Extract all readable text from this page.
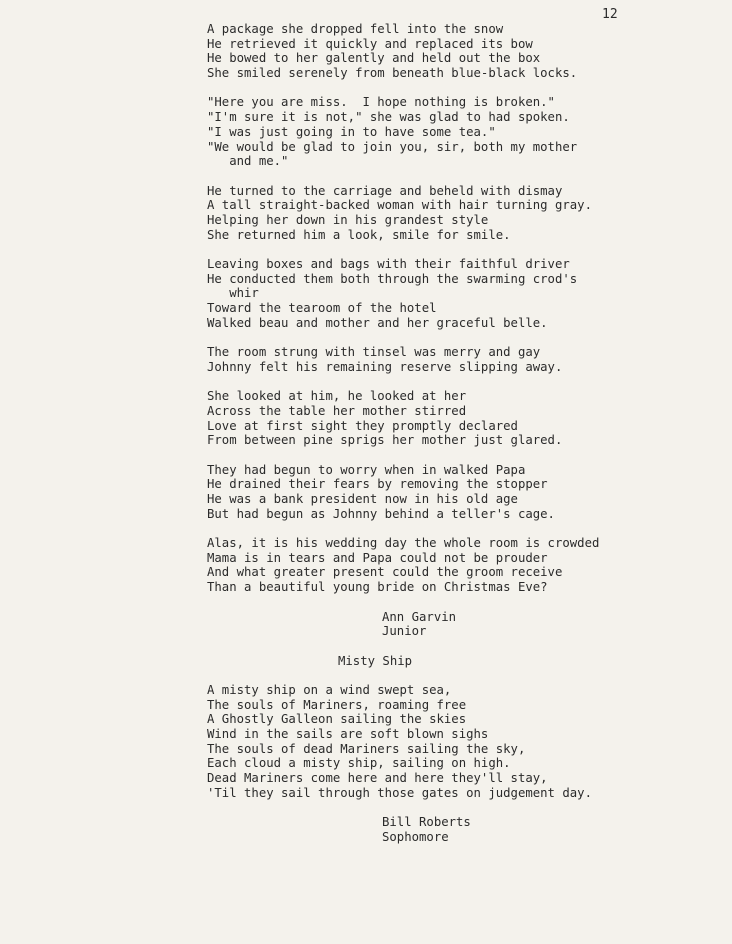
12
A package she dropped fell into the snow
He retrieved it quickly and replaced its bow
He bowed to her galently and held out the box
She smiled serenely from beneath blue-black locks.
"Here you are miss.  I hope nothing is broken."
"I'm sure it is not," she was glad to had spoken.
"I was just going in to have some tea."
"We would be glad to join you, sir, both my mother
and me."
He turned to the carriage and beheld with dismay
A tall straight-backed woman with hair turning gray.
Helping her down in his grandest style
She returned him a look, smile for smile.
Leaving boxes and bags with their faithful driver
He conducted them both through the swarming crod's
whir
Toward the tearoom of the hotel
Walked beau and mother and her graceful belle.
The room strung with tinsel was merry and gay
Johnny felt his remaining reserve slipping away.
She looked at him, he looked at her
Across the table her mother stirred
Love at first sight they promptly declared
From between pine sprigs her mother just glared.
They had begun to worry when in walked Papa
He drained their fears by removing the stopper
He was a bank president now in his old age
But had begun as Johnny behind a teller's cage.
Alas, it is his wedding day the whole room is crowded
Mama is in tears and Papa could not be prouder
And what greater present could the groom receive
Than a beautiful young bride on Christmas Eve?
Ann Garvin
Junior
Misty Ship
A misty ship on a wind swept sea,
The souls of Mariners, roaming free
A Ghostly Galleon sailing the skies
Wind in the sails are soft blown sighs
The souls of dead Mariners sailing the sky,
Each cloud a misty ship, sailing on high.
Dead Mariners come here and here they'll stay,
'Til they sail through those gates on judgement day.
Bill Roberts
Sophomore
